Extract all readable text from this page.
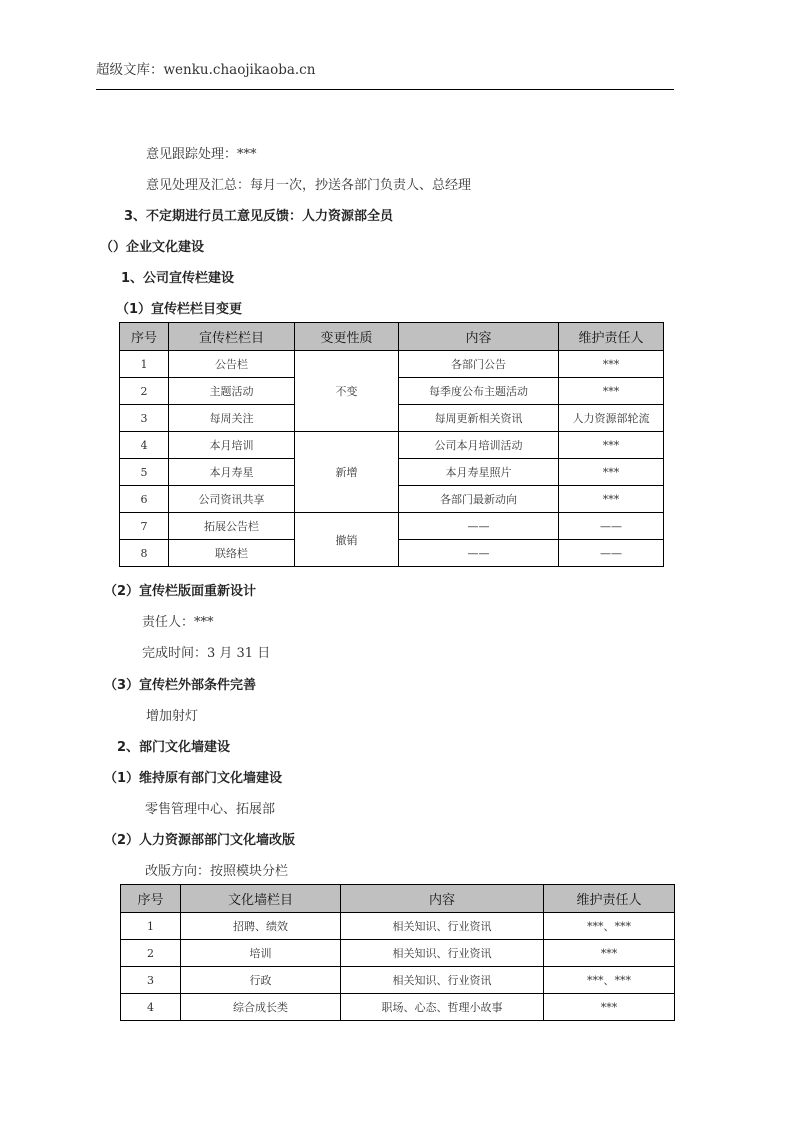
超级文库：wenku.chaojikaoba.cn
意见跟踪处理：***
意见处理及汇总：每月一次，抄送各部门负责人、总经理
3、不定期进行员工意见反馈：人力资源部全员
（）企业文化建设
1、公司宣传栏建设
（1）宣传栏栏目变更
序号	宣传栏栏目	变更性质	内容	维护责任人
1	公告栏	不变	各部门公告	***
2	主题活动		每季度公布主题活动	***
3	每周关注		每周更新相关资讯	人力资源部轮流
4	本月培训	新增	公司本月培训活动	***
5	本月寿星		本月寿星照片	***
6	公司资讯共享		各部门最新动向	***
7	拓展公告栏	撤销	——	——
8	联络栏		——	——
（2）宣传栏版面重新设计
责任人：***
完成时间：3 月 31 日
（3）宣传栏外部条件完善
增加射灯
2、部门文化墙建设
（1）维持原有部门文化墙建设
零售管理中心、拓展部
（2）人力资源部部门文化墙改版
改版方向：按照模块分栏
序号	文化墙栏目	内容	维护责任人
1	招聘、绩效	相关知识、行业资讯	***、***
2	培训	相关知识、行业资讯	***
3	行政	相关知识、行业资讯	***、***
4	综合成长类	职场、心态、哲理小故事	***
